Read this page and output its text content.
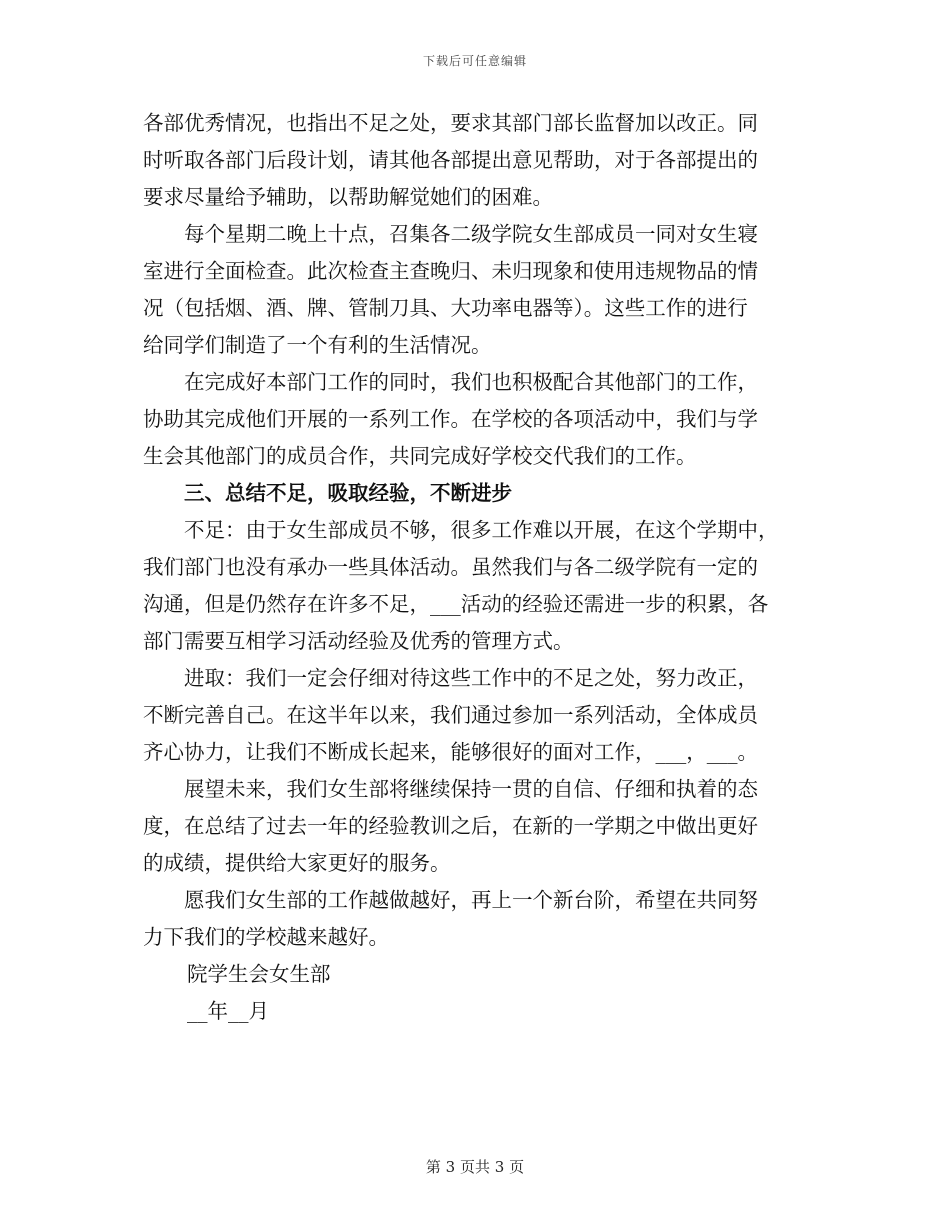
下载后可任意编辑

各部优秀情况，也指出不足之处，要求其部门部长监督加以改正。同
时听取各部门后段计划，请其他各部提出意见帮助，对于各部提出的
要求尽量给予辅助，以帮助解觉她们的困难。

每个星期二晚上十点，召集各二级学院女生部成员一同对女生寝
室进行全面检查。此次检查主查晚归、未归现象和使用违规物品的情
况（包括烟、酒、牌、管制刀具、大功率电器等）。这些工作的进行
给同学们制造了一个有利的生活情况。

在完成好本部门工作的同时，我们也积极配合其他部门的工作，
协助其完成他们开展的一系列工作。在学校的各项活动中，我们与学
生会其他部门的成员合作，共同完成好学校交代我们的工作。

三、总结不足，吸取经验，不断进步

不足：由于女生部成员不够，很多工作难以开展，在这个学期中，
我们部门也没有承办一些具体活动。虽然我们与各二级学院有一定的
沟通，但是仍然存在许多不足，___活动的经验还需进一步的积累，各
部门需要互相学习活动经验及优秀的管理方式。

进取：我们一定会仔细对待这些工作中的不足之处，努力改正，
不断完善自己。在这半年以来，我们通过参加一系列活动，全体成员
齐心协力，让我们不断成长起来，能够很好的面对工作，___，___。

展望未来，我们女生部将继续保持一贯的自信、仔细和执着的态
度，在总结了过去一年的经验教训之后，在新的一学期之中做出更好
的成绩，提供给大家更好的服务。

愿我们女生部的工作越做越好，再上一个新台阶，希望在共同努
力下我们的学校越来越好。

院学生会女生部

__年__月

第 3 页共 3 页
